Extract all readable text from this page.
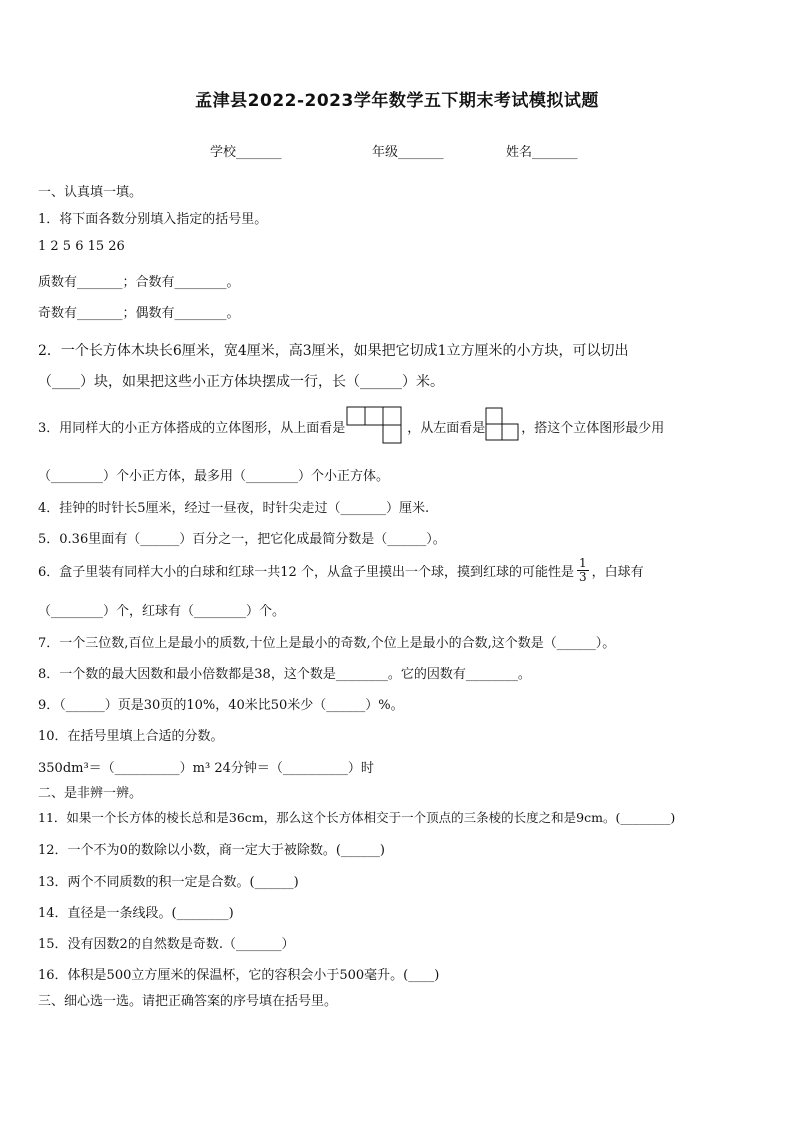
孟津县2022-2023学年数学五下期末考试模拟试题
学校_______	年级_______	姓名_______
一、认真填一填。
1．将下面各数分别填入指定的括号里。
1 2 5 6 15 26
质数有_______；合数有________。
奇数有_______；偶数有________。
2．一个长方体木块长6厘米，宽4厘米，高3厘米，如果把它切成1立方厘米的小方块，可以切出
（____）块，如果把这些小正方体块摆成一行，长（______）米。
3．用同样大的小正方体搭成的立体图形，从上面看是	，从左面看是	，搭这个立体图形最少用
（________）个小正方体，最多用（________）个小正方体。
4．挂钟的时针长5厘米，经过一昼夜，时针尖走过（_______）厘米.
5．0.36里面有（______）百分之一，把它化成最简分数是（______）。
6．盒子里装有同样大小的白球和红球一共12 个，从盒子里摸出一个球，摸到红球的可能性是 $\frac{1}{3}$ ，白球有
（________）个，红球有（________）个。
7．一个三位数,百位上是最小的质数,十位上是最小的奇数,个位上是最小的合数,这个数是（______）。
8．一个数的最大因数和最小倍数都是38，这个数是________。它的因数有________。
9．（______）页是30页的10%，40米比50米少（______）%。
10．在括号里填上合适的分数。
350dm³＝（__________）m³ 24分钟＝（__________）时
二、是非辨一辨。
11．如果一个长方体的棱长总和是36cm，那么这个长方体相交于一个顶点的三条棱的长度之和是9cm。(________)
12．一个不为0的数除以小数，商一定大于被除数。(______)
13．两个不同质数的积一定是合数。(______)
14．直径是一条线段。(________)
15．没有因数2的自然数是奇数.（_______）
16．体积是500立方厘米的保温杯，它的容积会小于500毫升。(____)
三、细心选一选。请把正确答案的序号填在括号里。
